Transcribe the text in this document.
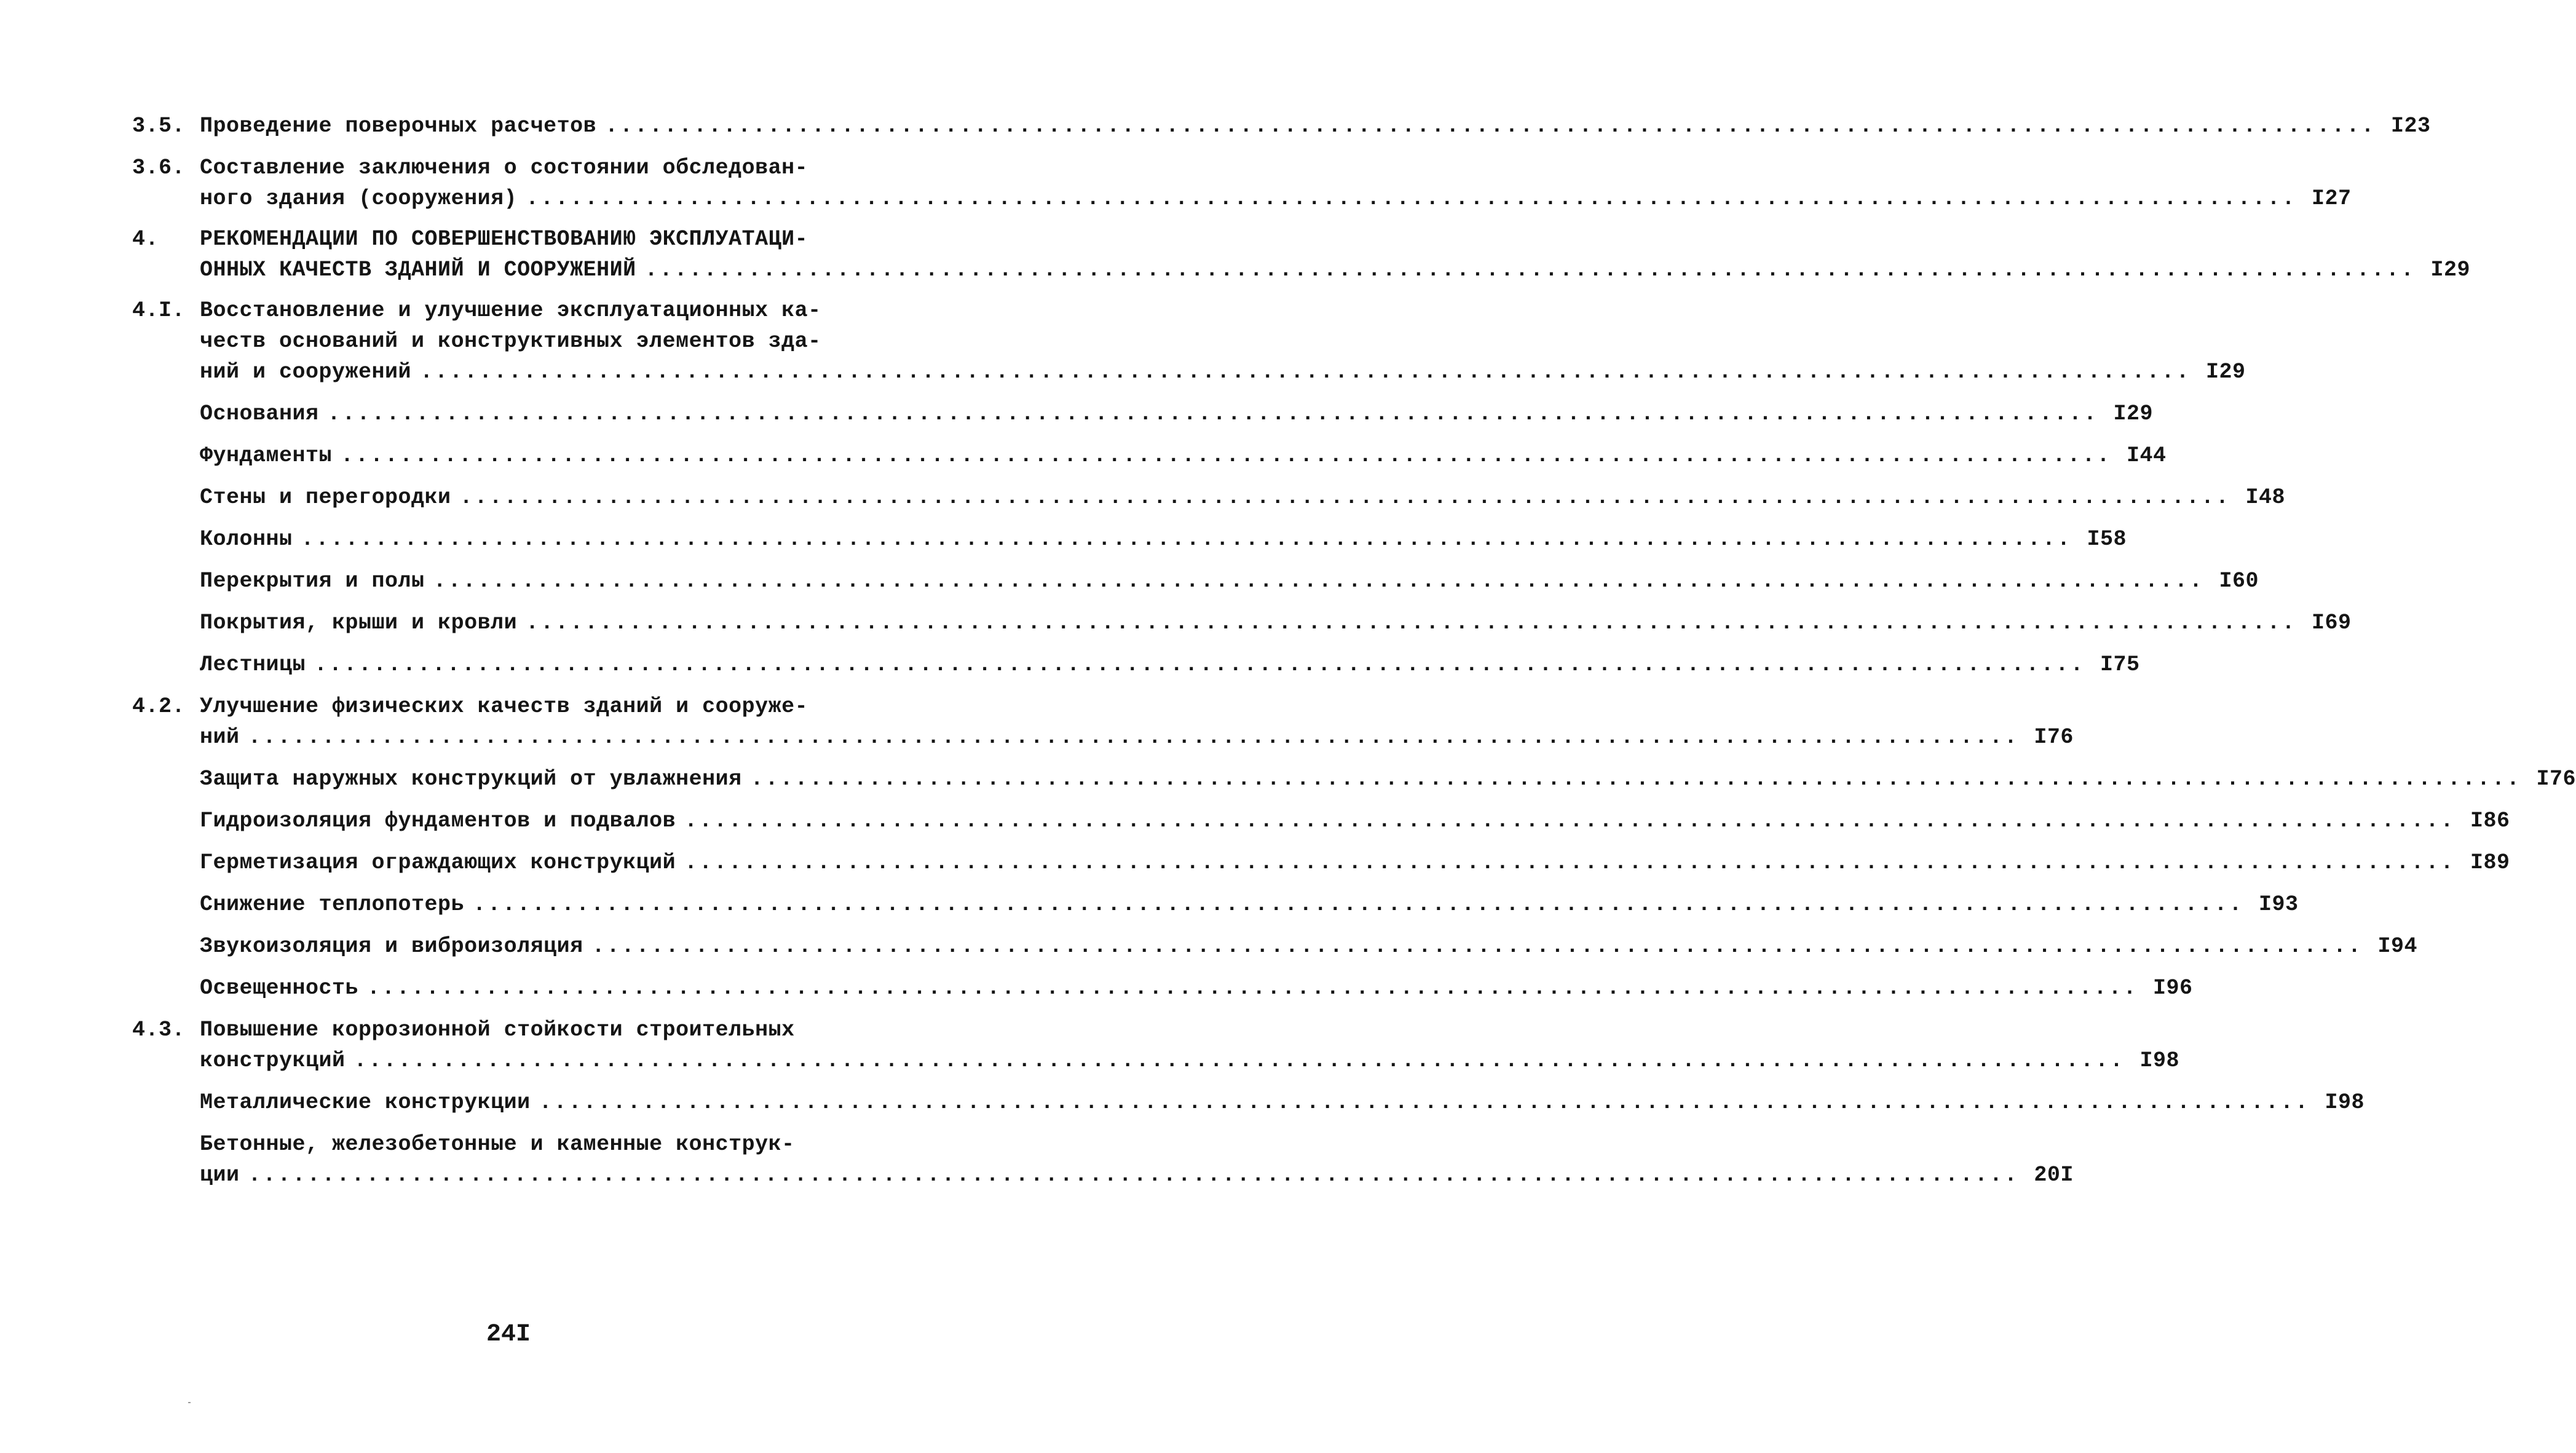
3.5. Проведение поверочных расчетов ........................................................................................................................ I23
3.6. Составление заключения о состоянии обследован-
ного здания (сооружения) ........................................................................................................................ I27
4.	РЕКОМЕНДАЦИИ ПО СОВЕРШЕНСТВОВАНИЮ ЭКСПЛУАТАЦИ-
ОННЫХ КАЧЕСТВ ЗДАНИЙ И СООРУЖЕНИЙ ........................................................................................................................ I29
4.I. Восстановление и улучшение эксплуатационных ка-
честв оснований и конструктивных элементов зда-
ний и сооружений ........................................................................................................................ I29
Основания ........................................................................................................................ I29
Фундаменты ........................................................................................................................ I44
Стены и перегородки ........................................................................................................................ I48
Колонны ........................................................................................................................ I58
Перекрытия и полы ........................................................................................................................ I60
Покрытия, крыши и кровли ........................................................................................................................ I69
Лестницы ........................................................................................................................ I75
4.2. Улучшение физических качеств зданий и сооруже-
ний ........................................................................................................................ I76
Защита наружных конструкций от увлажнения ........................................................................................................................ I76
Гидроизоляция фундаментов и подвалов ........................................................................................................................ I86
Герметизация ограждающих конструкций ........................................................................................................................ I89
Снижение теплопотерь ........................................................................................................................ I93
Звукоизоляция и виброизоляция ........................................................................................................................ I94
Освещенность ........................................................................................................................ I96
4.3. Повышение коррозионной стойкости строительных
конструкций ........................................................................................................................ I98
Металлические конструкции ........................................................................................................................ I98
Бетонные, железобетонные и каменные конструк-
ции ........................................................................................................................ 20I
24I
